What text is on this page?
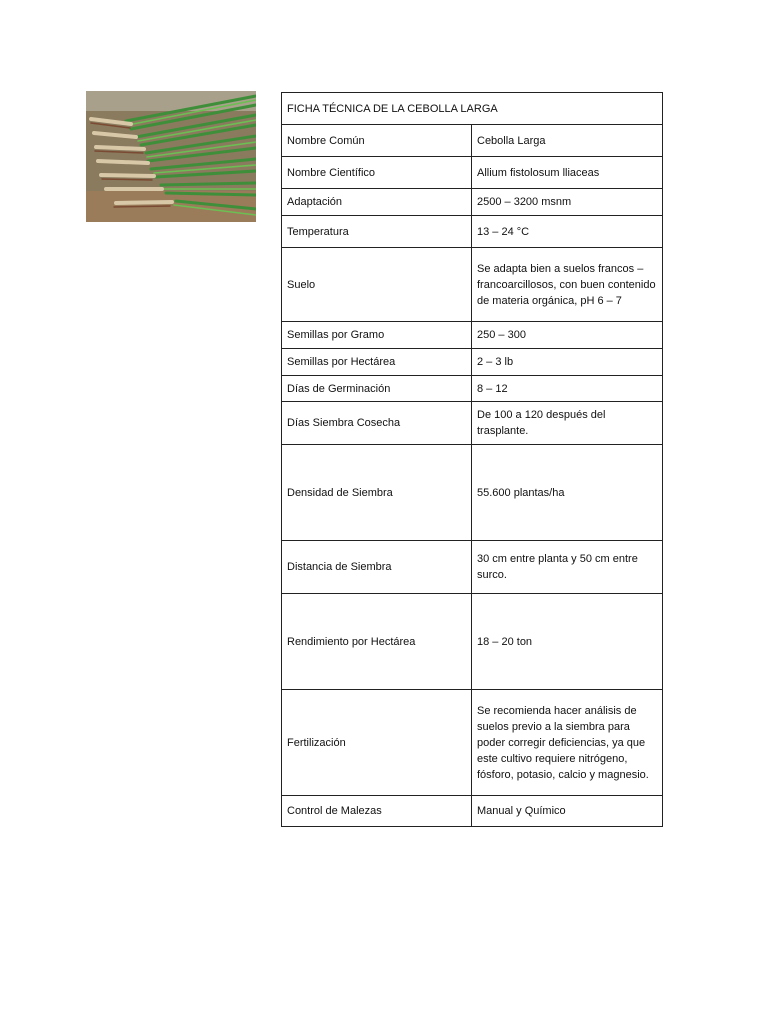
FICHA TÉCNICA DE LA CEBOLLA LARGA	
Nombre Común	Cebolla Larga
Nombre Científico	Allium fistolosum lliaceas
Adaptación	2500 – 3200 msnm
Temperatura	13 – 24 °C
Suelo	Se adapta bien a suelos francos – francoarcillosos, con buen contenido de materia orgánica, pH 6 – 7
Semillas por Gramo	250 – 300
Semillas por Hectárea	2 – 3 lb
Días de Germinación	8 – 12
Días Siembra Cosecha	De 100 a 120 después del trasplante.
Densidad de Siembra	55.600 plantas/ha
Distancia de Siembra	30 cm entre planta y 50 cm entre surco.
Rendimiento por Hectárea	18 – 20 ton
Fertilización	Se recomienda hacer análisis de suelos previo a la siembra para poder corregir deficiencias, ya que este cultivo requiere nitrógeno, fósforo, potasio, calcio y magnesio.
Control de Malezas	Manual y Químico
